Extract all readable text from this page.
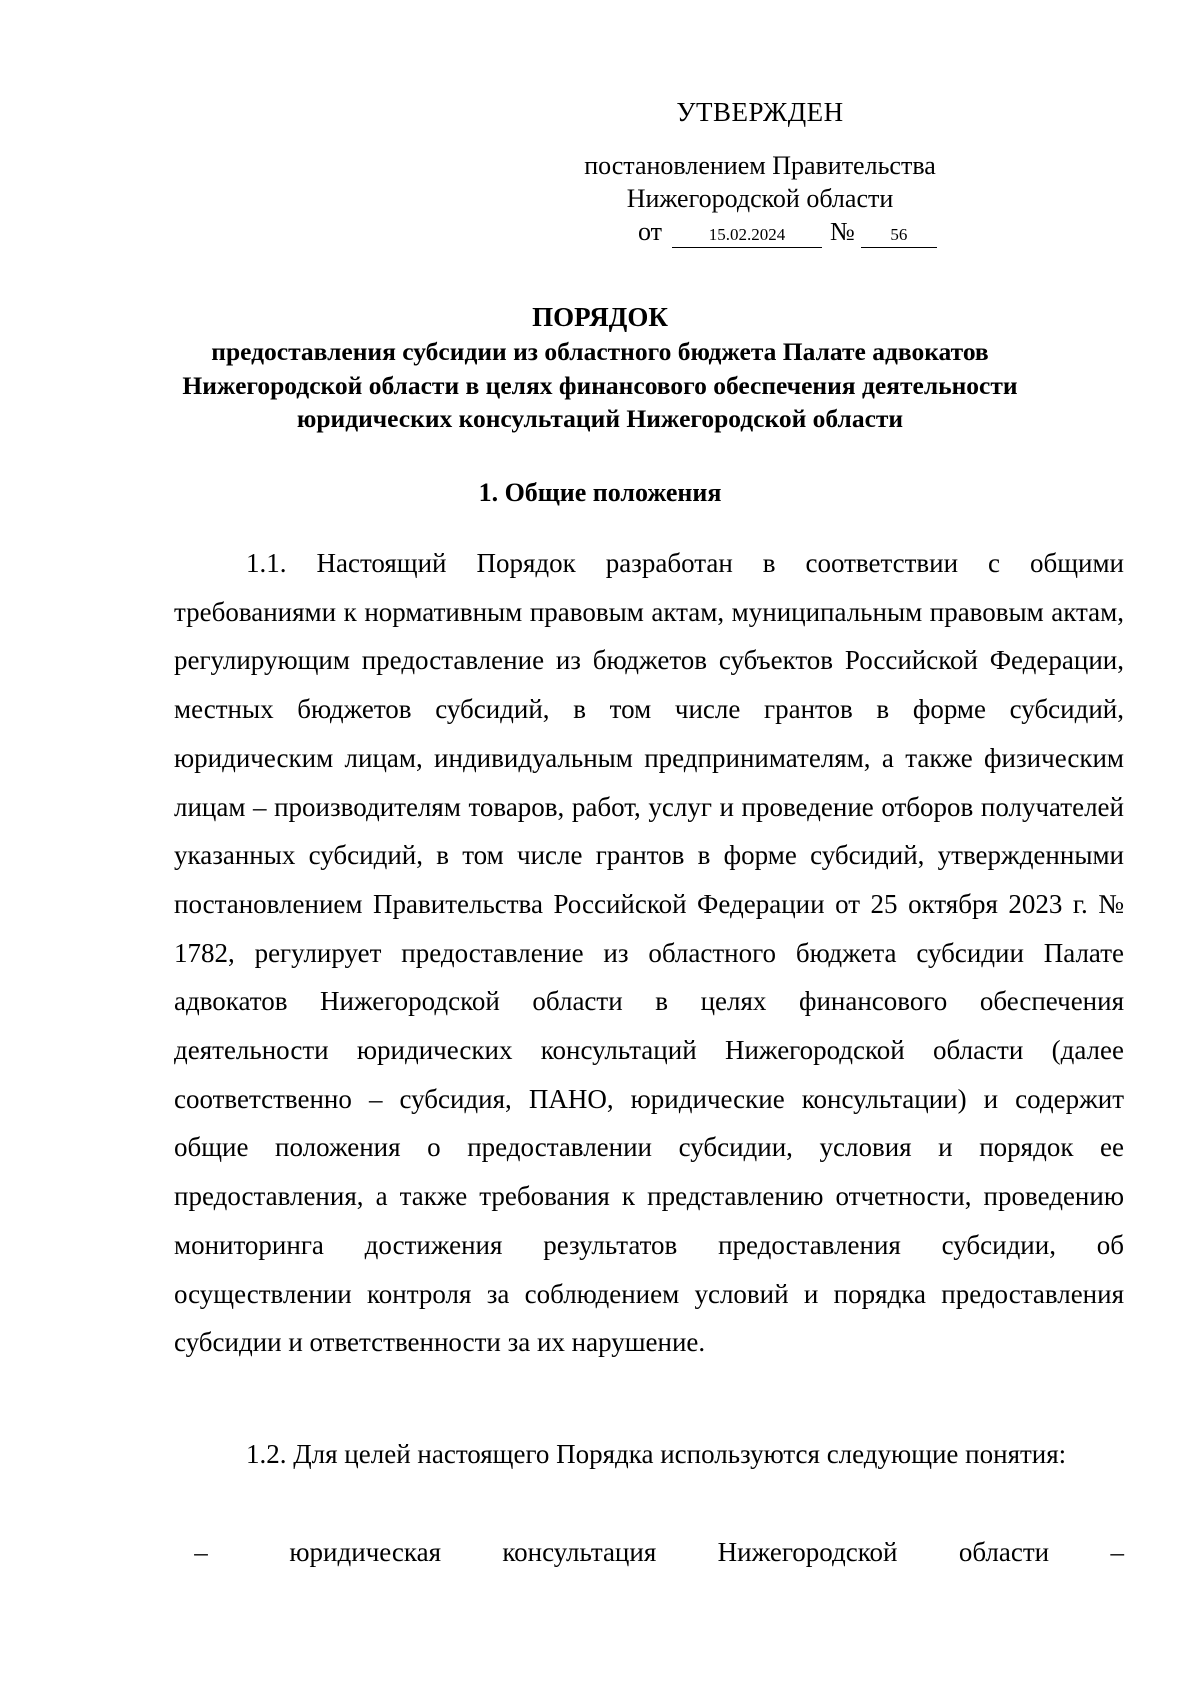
УТВЕРЖДЕН
постановлением Правительства
Нижегородской области
от	15.02.2024 № 56
ПОРЯДОК
предоставления субсидии из областного бюджета Палате адвокатов Нижегородской области в целях финансового обеспечения деятельности юридических консультаций Нижегородской области
1. Общие положения
1.1. Настоящий Порядок разработан в соответствии с общими требованиями к нормативным правовым актам, муниципальным правовым актам, регулирующим предоставление из бюджетов субъектов Российской Федерации, местных бюджетов субсидий, в том числе грантов в форме субсидий, юридическим лицам, индивидуальным предпринимателям, а также физическим лицам – производителям товаров, работ, услуг и проведение отборов получателей указанных субсидий, в том числе грантов в форме субсидий, утвержденными постановлением Правительства Российской Федерации от 25 октября 2023 г. № 1782, регулирует предоставление из областного бюджета субсидии Палате адвокатов Нижегородской области в целях финансового обеспечения деятельности юридических консультаций Нижегородской области (далее соответственно – субсидия, ПАНО, юридические консультации) и содержит общие положения о предоставлении субсидии, условия и порядок ее предоставления, а также требования к представлению отчетности, проведению мониторинга достижения результатов предоставления субсидии, об осуществлении контроля за соблюдением условий и порядка предоставления субсидии и ответственности за их нарушение.
1.2. Для целей настоящего Порядка используются следующие понятия:
–	юридическая консультация Нижегородской области –
